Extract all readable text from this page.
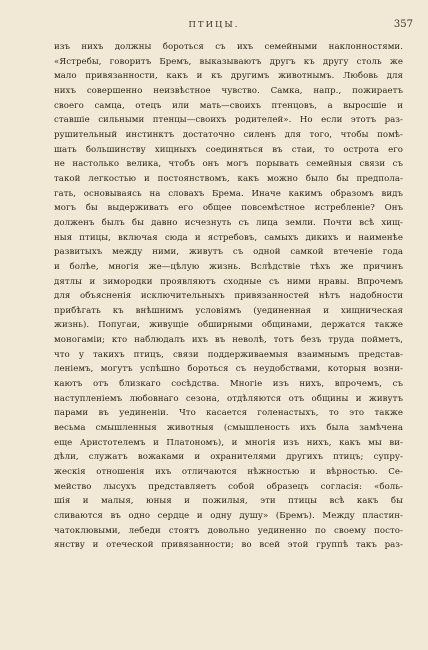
ПТИЦЫ.	357
изъ нихъ должны бороться съ ихъ семейными наклонностями.
«Ястребы, говоритъ Бремъ, выказываютъ другъ къ другу столь же
мало привязанности, какъ и къ другимъ животнымъ. Любовь для
нихъ совершенно неизвѣстное чувство. Самка, напр., пожираетъ
своего самца, отецъ или мать—своихъ птенцовъ, а выросшіе и
ставшіе сильными птенцы—своихъ родителей». Но если этотъ раз-
рушительный инстинктъ достаточно силенъ для того, чтобы помѣ-
шать большинству хищныхъ соединяться въ стаи, то острота его
не настолько велика, чтобъ онъ могъ порывать семейныя связи съ
такой легкостью и постоянствомъ, какъ можно было бы предпола-
гать, основываясь на словахъ Брема. Иначе какимъ образомъ видъ
могъ бы выдерживать его общее повсемѣстное истребленіе? Онъ
долженъ былъ бы давно исчезнуть съ лица земли. Почти всѣ хищ-
ныя птицы, включая сюда и ястребовъ, самыхъ дикихъ и наименѣе
развитыхъ между ними, живутъ съ одной самкой втеченіе года
и болѣе, многія же—цѣлую жизнь. Вслѣдствіе тѣхъ же причинъ
дятлы и зимородки проявляютъ сходные съ ними нравы. Впрочемъ
для объясненія исключительныхъ привязанностей нѣтъ надобности
прибѣгать къ внѣшнимъ условіямъ (уединенная и хищническая
жизнь). Попугаи, живущіе обширными общинами, держатся также
моногаміи; кто наблюдалъ ихъ въ неволѣ, тотъ безъ труда пойметъ,
что у такихъ птицъ, связи поддерживаемыя взаимнымъ представ-
леніемъ, могутъ успѣшно бороться съ неудобствами, которыя возни-
каютъ отъ близкаго сосѣдства. Многіе изъ нихъ, впрочемъ, съ
наступленіемъ любовнаго сезона, отдѣляются отъ общины и живутъ
парами въ уединеніи. Что касается голенастыхъ, то это также
весьма смышленныя животныя (смышленость ихъ была замѣчена
еще Аристотелемъ и Платономъ), и многія изъ нихъ, какъ мы ви-
дѣли, служатъ вожаками и охранителями другихъ птицъ; супру-
жескія отношенія ихъ отличаются нѣжностью и вѣрностью. Се-
мейство лысухъ представляетъ собой образецъ согласія: «боль-
шія и малыя, юныя и пожилыя, эти птицы всѣ какъ бы
сливаются въ одно сердце и одну душу» (Бремъ). Между пластин-
чатоклювыми, лебеди стоятъ довольно уединенно по своему посто-
янству и отеческой привязанности; во всей этой группѣ такъ раз-
